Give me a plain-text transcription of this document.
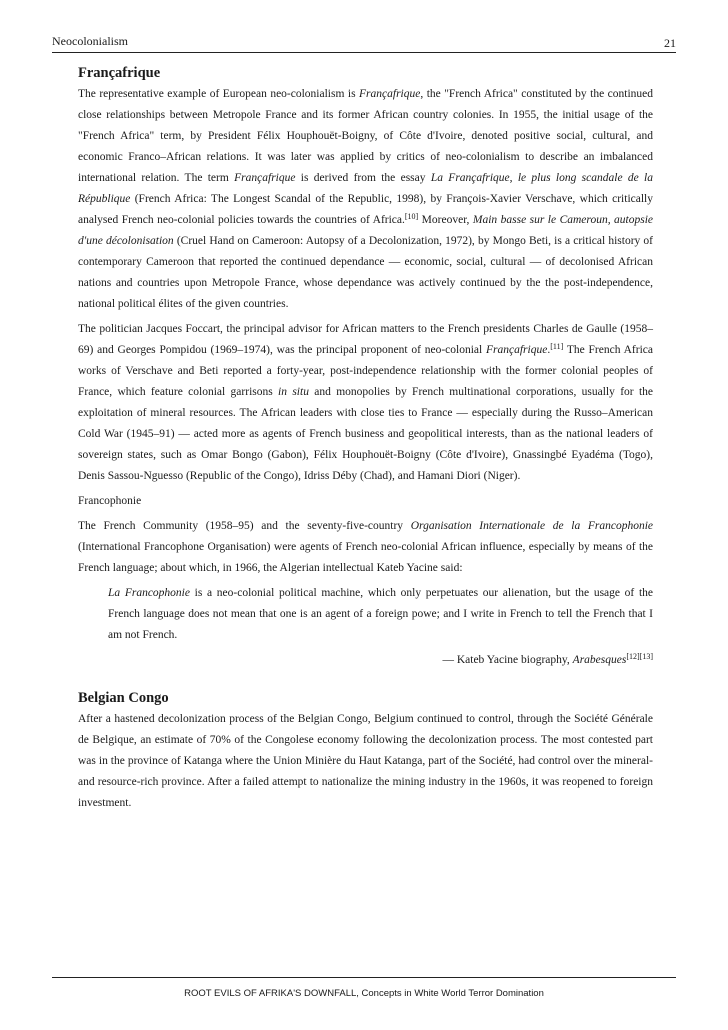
Neocolonialism	21
Françafrique

The representative example of European neo-colonialism is Françafrique, the "French Africa" constituted by the continued close relationships between Metropole France and its former African country colonies. In 1955, the initial usage of the "French Africa" term, by President Félix Houphouët-Boigny, of Côte d'Ivoire, denoted positive social, cultural, and economic Franco–African relations. It was later was applied by critics of neo-colonialism to describe an imbalanced international relation. The term Françafrique is derived from the essay La Françafrique, le plus long scandale de la République (French Africa: The Longest Scandal of the Republic, 1998), by François-Xavier Verschave, which critically analysed French neo-colonial policies towards the countries of Africa.[10] Moreover, Main basse sur le Cameroun, autopsie d'une décolonisation (Cruel Hand on Cameroon: Autopsy of a Decolonization, 1972), by Mongo Beti, is a critical history of contemporary Cameroon that reported the continued dependance — economic, social, cultural — of decolonised African nations and countries upon Metropole France, whose dependance was actively continued by the the post-independence, national political élites of the given countries.

The politician Jacques Foccart, the principal advisor for African matters to the French presidents Charles de Gaulle (1958–69) and Georges Pompidou (1969–1974), was the principal proponent of neo-colonial Françafrique.[11] The French Africa works of Verschave and Beti reported a forty-year, post-independence relationship with the former colonial peoples of France, which feature colonial garrisons in situ and monopolies by French multinational corporations, usually for the exploitation of mineral resources. The African leaders with close ties to France — especially during the Russo–American Cold War (1945–91) — acted more as agents of French business and geopolitical interests, than as the national leaders of sovereign states, such as Omar Bongo (Gabon), Félix Houphouët-Boigny (Côte d'Ivoire), Gnassingbé Eyadéma (Togo), Denis Sassou-Nguesso (Republic of the Congo), Idriss Déby (Chad), and Hamani Diori (Niger).

Francophonie

The French Community (1958–95) and the seventy-five-country Organisation Internationale de la Francophonie (International Francophone Organisation) were agents of French neo-colonial African influence, especially by means of the French language; about which, in 1966, the Algerian intellectual Kateb Yacine said:

La Francophonie is a neo-colonial political machine, which only perpetuates our alienation, but the usage of the French language does not mean that one is an agent of a foreign powe; and I write in French to tell the French that I am not French.

— Kateb Yacine biography, Arabesques[12][13]

Belgian Congo

After a hastened decolonization process of the Belgian Congo, Belgium continued to control, through the Société Générale de Belgique, an estimate of 70% of the Congolese economy following the decolonization process. The most contested part was in the province of Katanga where the Union Minière du Haut Katanga, part of the Société, had control over the mineral- and resource-rich province. After a failed attempt to nationalize the mining industry in the 1960s, it was reopened to foreign investment.

ROOT EVILS OF AFRIKA'S DOWNFALL, Concepts in White World Terror Domination
